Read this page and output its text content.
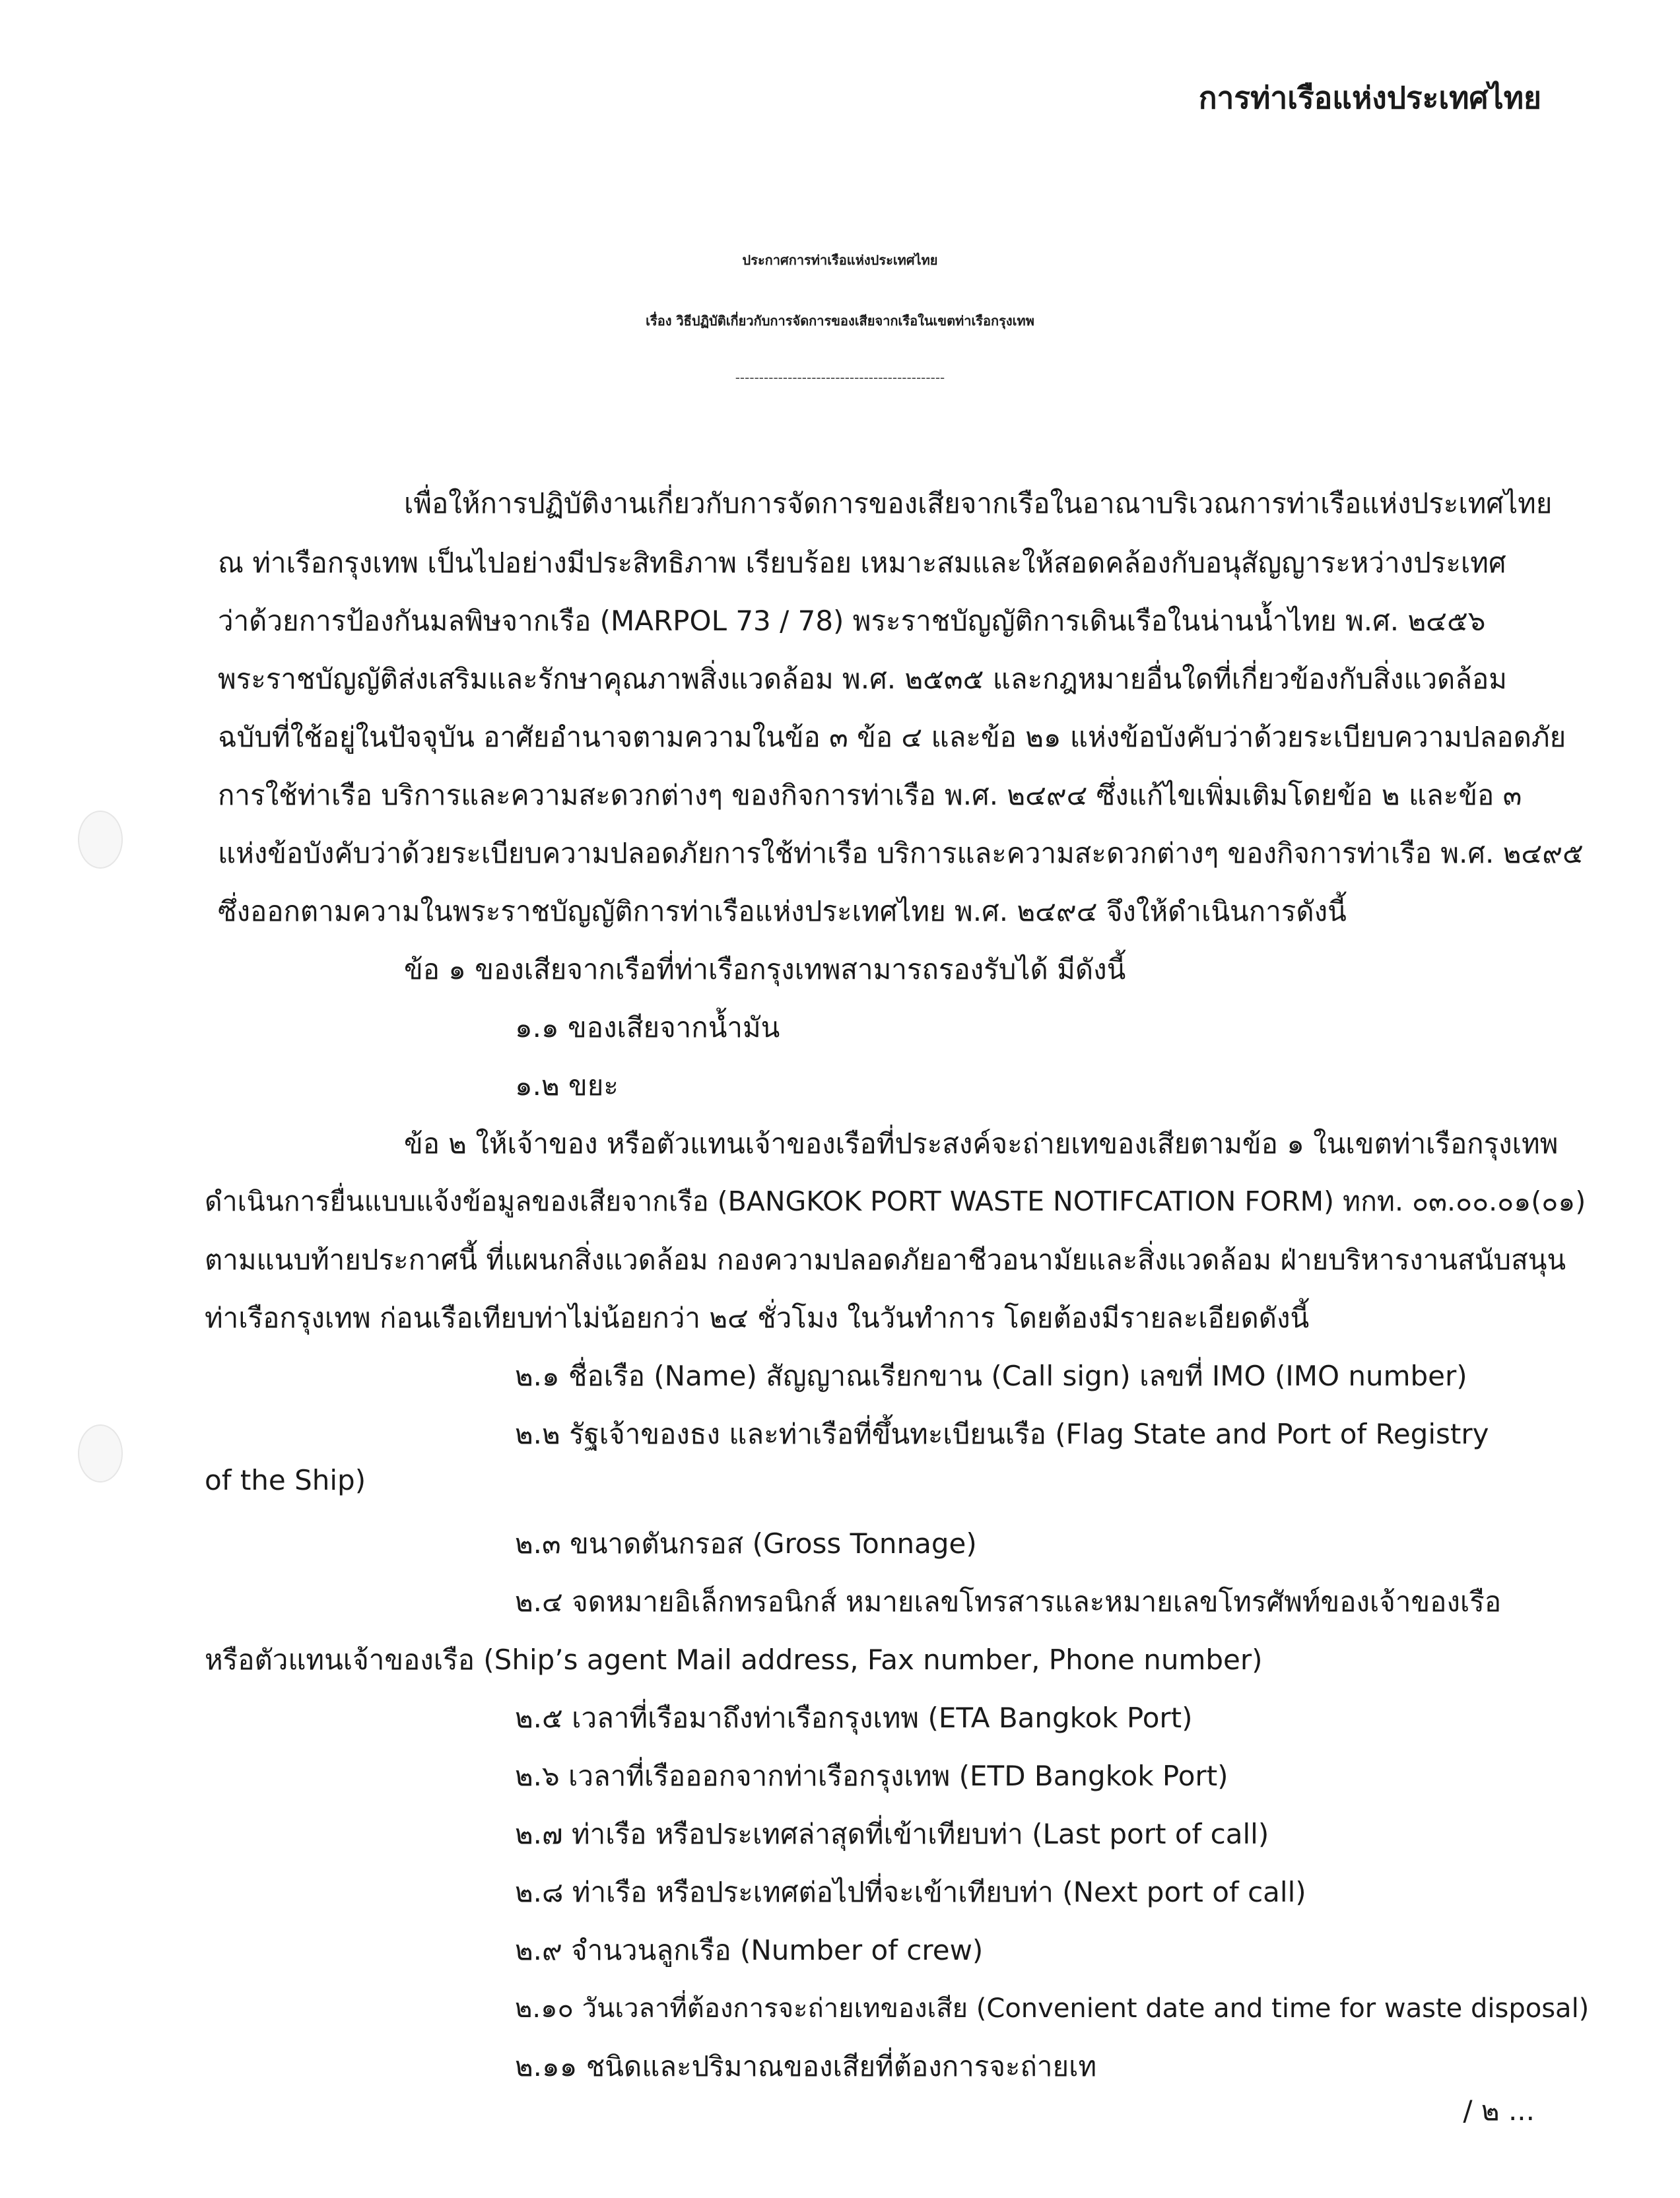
การท่าเรือแห่งประเทศไทย
ประกาศการท่าเรือแห่งประเทศไทย
เรื่อง วิธีปฏิบัติเกี่ยวกับการจัดการของเสียจากเรือในเขตท่าเรือกรุงเทพ
--------------------------------------------
เพื่อให้การปฏิบัติงานเกี่ยวกับการจัดการของเสียจากเรือในอาณาบริเวณการท่าเรือแห่งประเทศไทย
ณ ท่าเรือกรุงเทพ เป็นไปอย่างมีประสิทธิภาพ เรียบร้อย เหมาะสมและให้สอดคล้องกับอนุสัญญาระหว่างประเทศ
ว่าด้วยการป้องกันมลพิษจากเรือ (MARPOL 73 / 78) พระราชบัญญัติการเดินเรือในน่านน้ำไทย พ.ศ. ๒๔๕๖
พระราชบัญญัติส่งเสริมและรักษาคุณภาพสิ่งแวดล้อม พ.ศ. ๒๕๓๕ และกฎหมายอื่นใดที่เกี่ยวข้องกับสิ่งแวดล้อม
ฉบับที่ใช้อยู่ในปัจจุบัน อาศัยอำนาจตามความในข้อ ๓ ข้อ ๔ และข้อ ๒๑ แห่งข้อบังคับว่าด้วยระเบียบความปลอดภัย
การใช้ท่าเรือ บริการและความสะดวกต่างๆ ของกิจการท่าเรือ พ.ศ. ๒๔๙๔ ซึ่งแก้ไขเพิ่มเติมโดยข้อ ๒ และข้อ ๓
แห่งข้อบังคับว่าด้วยระเบียบความปลอดภัยการใช้ท่าเรือ บริการและความสะดวกต่างๆ ของกิจการท่าเรือ พ.ศ. ๒๔๙๕
ซึ่งออกตามความในพระราชบัญญัติการท่าเรือแห่งประเทศไทย พ.ศ. ๒๔๙๔ จึงให้ดำเนินการดังนี้
ข้อ ๑ ของเสียจากเรือที่ท่าเรือกรุงเทพสามารถรองรับได้ มีดังนี้
๑.๑ ของเสียจากน้ำมัน
๑.๒ ขยะ
ข้อ ๒ ให้เจ้าของ หรือตัวแทนเจ้าของเรือที่ประสงค์จะถ่ายเทของเสียตามข้อ ๑ ในเขตท่าเรือกรุงเทพ
ดำเนินการยื่นแบบแจ้งข้อมูลของเสียจากเรือ (BANGKOK PORT WASTE NOTIFCATION FORM) ทกท. ๐๓.๐๐.๐๑(๐๑)
ตามแนบท้ายประกาศนี้ ที่แผนกสิ่งแวดล้อม กองความปลอดภัยอาชีวอนามัยและสิ่งแวดล้อม ฝ่ายบริหารงานสนับสนุน
ท่าเรือกรุงเทพ ก่อนเรือเทียบท่าไม่น้อยกว่า ๒๔ ชั่วโมง ในวันทำการ โดยต้องมีรายละเอียดดังนี้
๒.๑ ชื่อเรือ (Name) สัญญาณเรียกขาน (Call sign) เลขที่ IMO (IMO number)
๒.๒ รัฐเจ้าของธง และท่าเรือที่ขึ้นทะเบียนเรือ (Flag State and Port of Registry
of the Ship)
๒.๓ ขนาดตันกรอส (Gross Tonnage)
๒.๔ จดหมายอิเล็กทรอนิกส์ หมายเลขโทรสารและหมายเลขโทรศัพท์ของเจ้าของเรือ
หรือตัวแทนเจ้าของเรือ (Ship’s agent Mail address, Fax number, Phone number)
๒.๕ เวลาที่เรือมาถึงท่าเรือกรุงเทพ (ETA Bangkok Port)
๒.๖ เวลาที่เรือออกจากท่าเรือกรุงเทพ (ETD Bangkok Port)
๒.๗ ท่าเรือ หรือประเทศล่าสุดที่เข้าเทียบท่า (Last port of call)
๒.๘ ท่าเรือ หรือประเทศต่อไปที่จะเข้าเทียบท่า (Next port of call)
๒.๙ จำนวนลูกเรือ (Number of crew)
๒.๑๐ วันเวลาที่ต้องการจะถ่ายเทของเสีย (Convenient date and time for waste disposal)
๒.๑๑ ชนิดและปริมาณของเสียที่ต้องการจะถ่ายเท
/ ๒ ...
